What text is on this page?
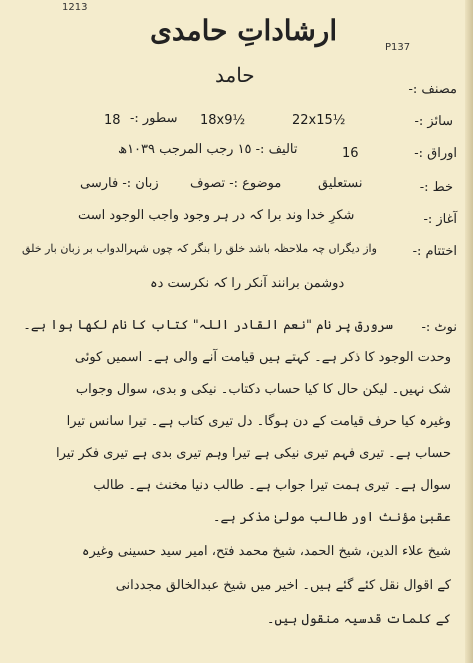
1213
ارشاداتِ حامدی
P137
حامد
مصنف :-
سائز :-
22x15½
18x9½
سطور :-
18
اوراق :-
16
تالیف :- ١٥ رجب المرجب ١٠٣٩ھ
خط :-
نستعلیق
موضوع :- تصوف
زبان :- فارسی
آغاز :-
شکرِ خدا وند برا کہ در ہر وجود واجب الوجود است
اختتام :-
واز دیگراں چہ ملاحظہ باشد خلق را بنگر کہ چوں شہرالدواب بر زبان بار خلق
دوشمن برانند آنکر را کہ نکرست دہ
نوٹ :-
سرورق پر نام "نعم القادر اللہ" کتاب کا نام لکھا ہوا ہے۔
وحدت الوجود کا ذکر ہے۔ کہتے ہیں قیامت آنے والی ہے۔ اسمیں کوئی
شک نہیں۔ لیکن حال کا کیا حساب دکتاب۔ نیکی و بدی، سوال وجواب
وغیرہ کیا حرف قیامت کے دن ہوگا۔ دل تیری کتاب ہے۔ تیرا سانس تیرا
حساب ہے۔ تیری فہم تیری نیکی ہے تیرا وہم تیری بدی ہے تیری فکر تیرا
سوال ہے۔ تیری ہمت تیرا جواب ہے۔ طالب دنیا مخنث ہے۔ طالب
عقبیٰ مؤنث اور طالب مولیٰ مذکر ہے۔
شیخ علاء الدین، شیخ الحمد، شیخ محمد فتح، امیر سید حسینی وغیرہ
کے اقوال نقل کئے گئے ہیں۔ اخیر میں شیخ عبدالخالق مجددانی
کے کلمات قدسیہ منقول ہیں۔
